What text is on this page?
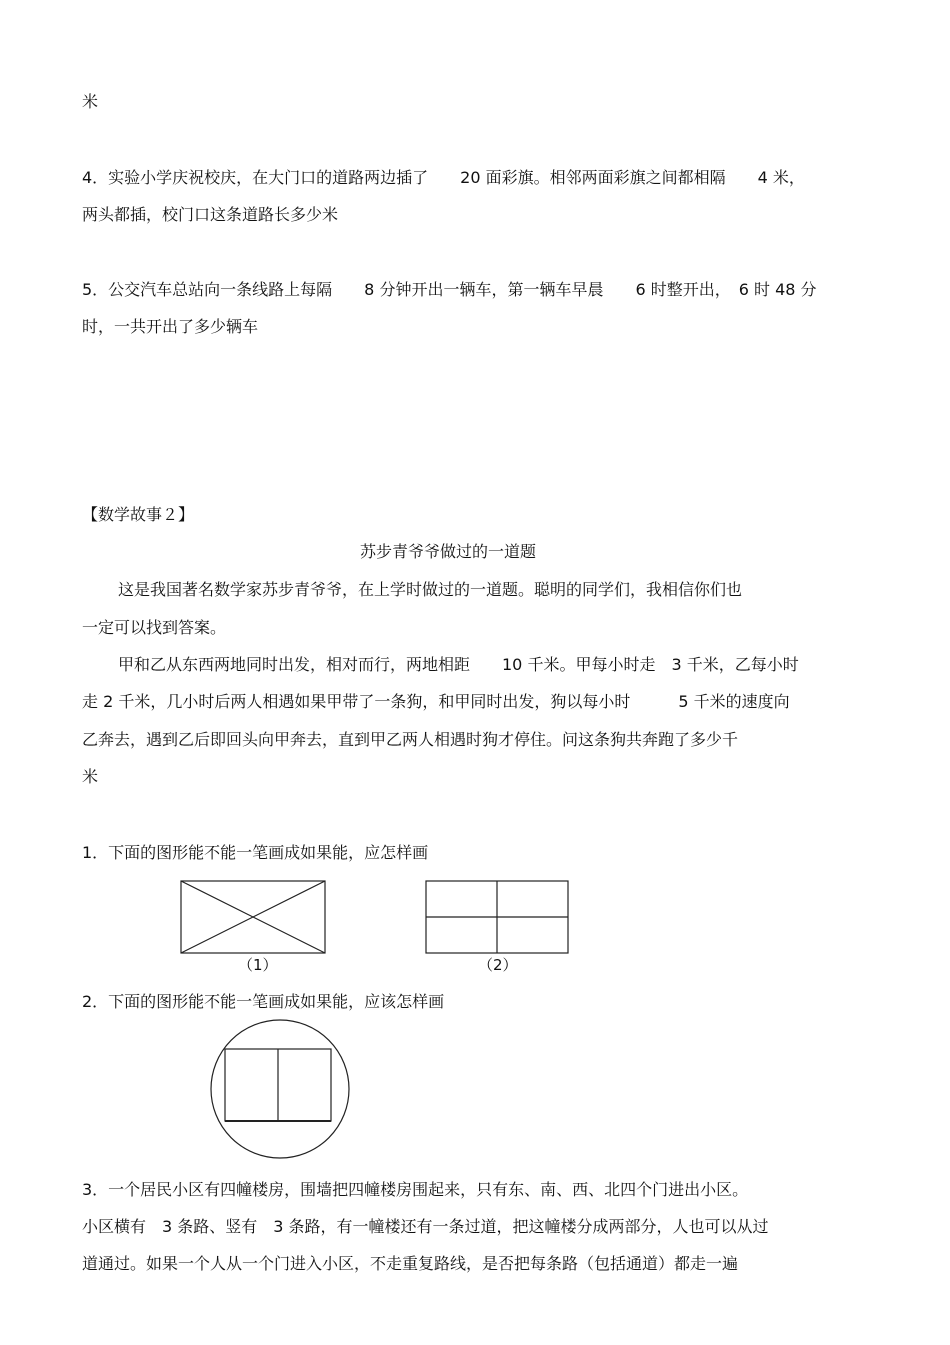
米
4．实验小学庆祝校庆，在大门口的道路两边插了　　20 面彩旗。相邻两面彩旗之间都相隔　　4 米，
两头都插，校门口这条道路长多少米
5．公交汽车总站向一条线路上每隔　　8 分钟开出一辆车，第一辆车早晨　　6 时整开出，　6 时 48 分
时，一共开出了多少辆车
【数学故事２】
苏步青爷爷做过的一道题
这是我国著名数学家苏步青爷爷，在上学时做过的一道题。聪明的同学们，我相信你们也
一定可以找到答案。
甲和乙从东西两地同时出发，相对而行，两地相距　　10 千米。甲每小时走　3 千米，乙每小时
走 2 千米，几小时后两人相遇如果甲带了一条狗，和甲同时出发，狗以每小时　　　5 千米的速度向
乙奔去，遇到乙后即回头向甲奔去，直到甲乙两人相遇时狗才停住。问这条狗共奔跑了多少千
米
1．下面的图形能不能一笔画成如果能，应怎样画
（1）	（2）
2．下面的图形能不能一笔画成如果能，应该怎样画
3．一个居民小区有四幢楼房，围墙把四幢楼房围起来，只有东、南、西、北四个门进出小区。
小区横有　3 条路、竖有　3 条路，有一幢楼还有一条过道，把这幢楼分成两部分，人也可以从过
道通过。如果一个人从一个门进入小区，不走重复路线，是否把每条路（包括通道）都走一遍
